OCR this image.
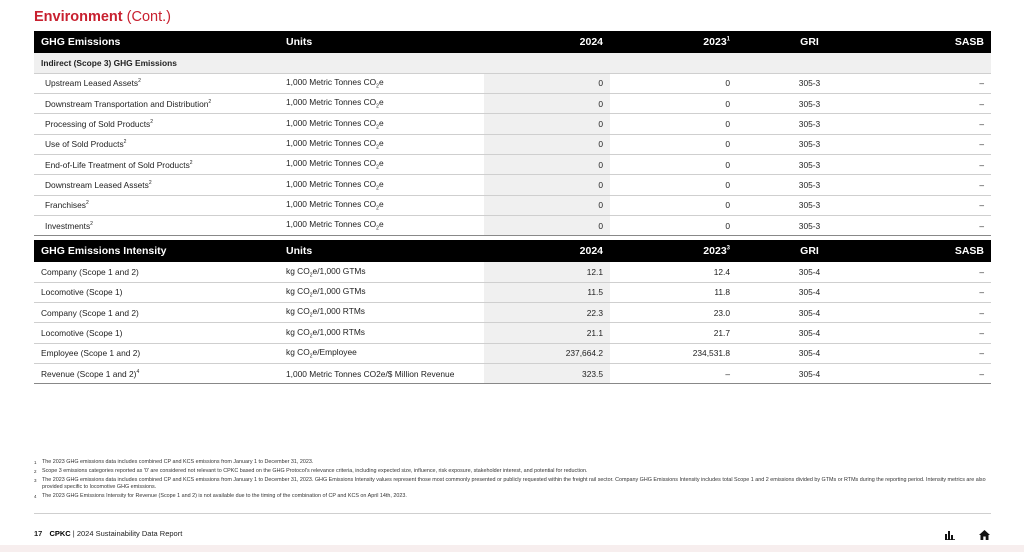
Environment (Cont.)
GHG Emissions	Units	2024	2023$^1$	GRI	SASB
Indirect (Scope 3) GHG Emissions					
Upstream Leased Assets$^2$	1,000 Metric Tonnes $CO_2e$	0	0	305-3	–
Downstream Transportation and Distribution$^2$	1,000 Metric Tonnes $CO_2e$	0	0	305-3	–
Processing of Sold Products$^2$	1,000 Metric Tonnes $CO_2e$	0	0	305-3	–
Use of Sold Products$^2$	1,000 Metric Tonnes $CO_2e$	0	0	305-3	–
End-of-Life Treatment of Sold Products$^2$	1,000 Metric Tonnes $CO_2e$	0	0	305-3	–
Downstream Leased Assets$^2$	1,000 Metric Tonnes $CO_2e$	0	0	305-3	–
Franchises$^2$	1,000 Metric Tonnes $CO_2e$	0	0	305-3	–
Investments$^2$	1,000 Metric Tonnes $CO_2e$	0	0	305-3	–
GHG Emissions Intensity	Units	2024	2023$^3$	GRI	SASB
Company (Scope 1 and 2)	kg $CO_2e/1,000$ GTMs	12.1	12.4	305-4	–
Locomotive (Scope 1)	kg $CO_2e/1,000$ GTMs	11.5	11.8	305-4	–
Company (Scope 1 and 2)	kg $CO_2e/1,000$ RTMs	22.3	23.0	305-4	–
Locomotive (Scope 1)	kg $CO_2e/1,000$ RTMs	21.1	21.7	305-4	–
Employee (Scope 1 and 2)	kg $CO_2e$/Employee	237,664.2	234,531.8	305-4	–
Revenue (Scope 1 and 2)$^4$	1,000 Metric Tonnes CO2e/$ Million Revenue	323.5	–	305-4	–
1	The 2023 GHG emissions data includes combined CP and KCS emissions from January 1 to December 31, 2023.
2	Scope 3 emissions categories reported as '0' are considered not relevant to CPKC based on the GHG Protocol's relevance criteria, including expected size, influence, risk exposure, stakeholder interest, and potential for reduction.
3	The 2023 GHG emissions data includes combined CP and KCS emissions from January 1 to December 31, 2023. GHG Emissions Intensity values represent those most commonly presented or publicly requested within the freight rail sector. Company GHG Emissions Intensity includes total Scope 1 and 2 emissions divided by GTMs or RTMs during the reporting period. Intensity metrics are also provided specific to locomotive GHG emissions.
4	The 2023 GHG Emissions Intensity for Revenue (Scope 1 and 2) is not available due to the timing of the combination of CP and KCS on April 14th, 2023.
17 CPKC | 2024 Sustainability Data Report
